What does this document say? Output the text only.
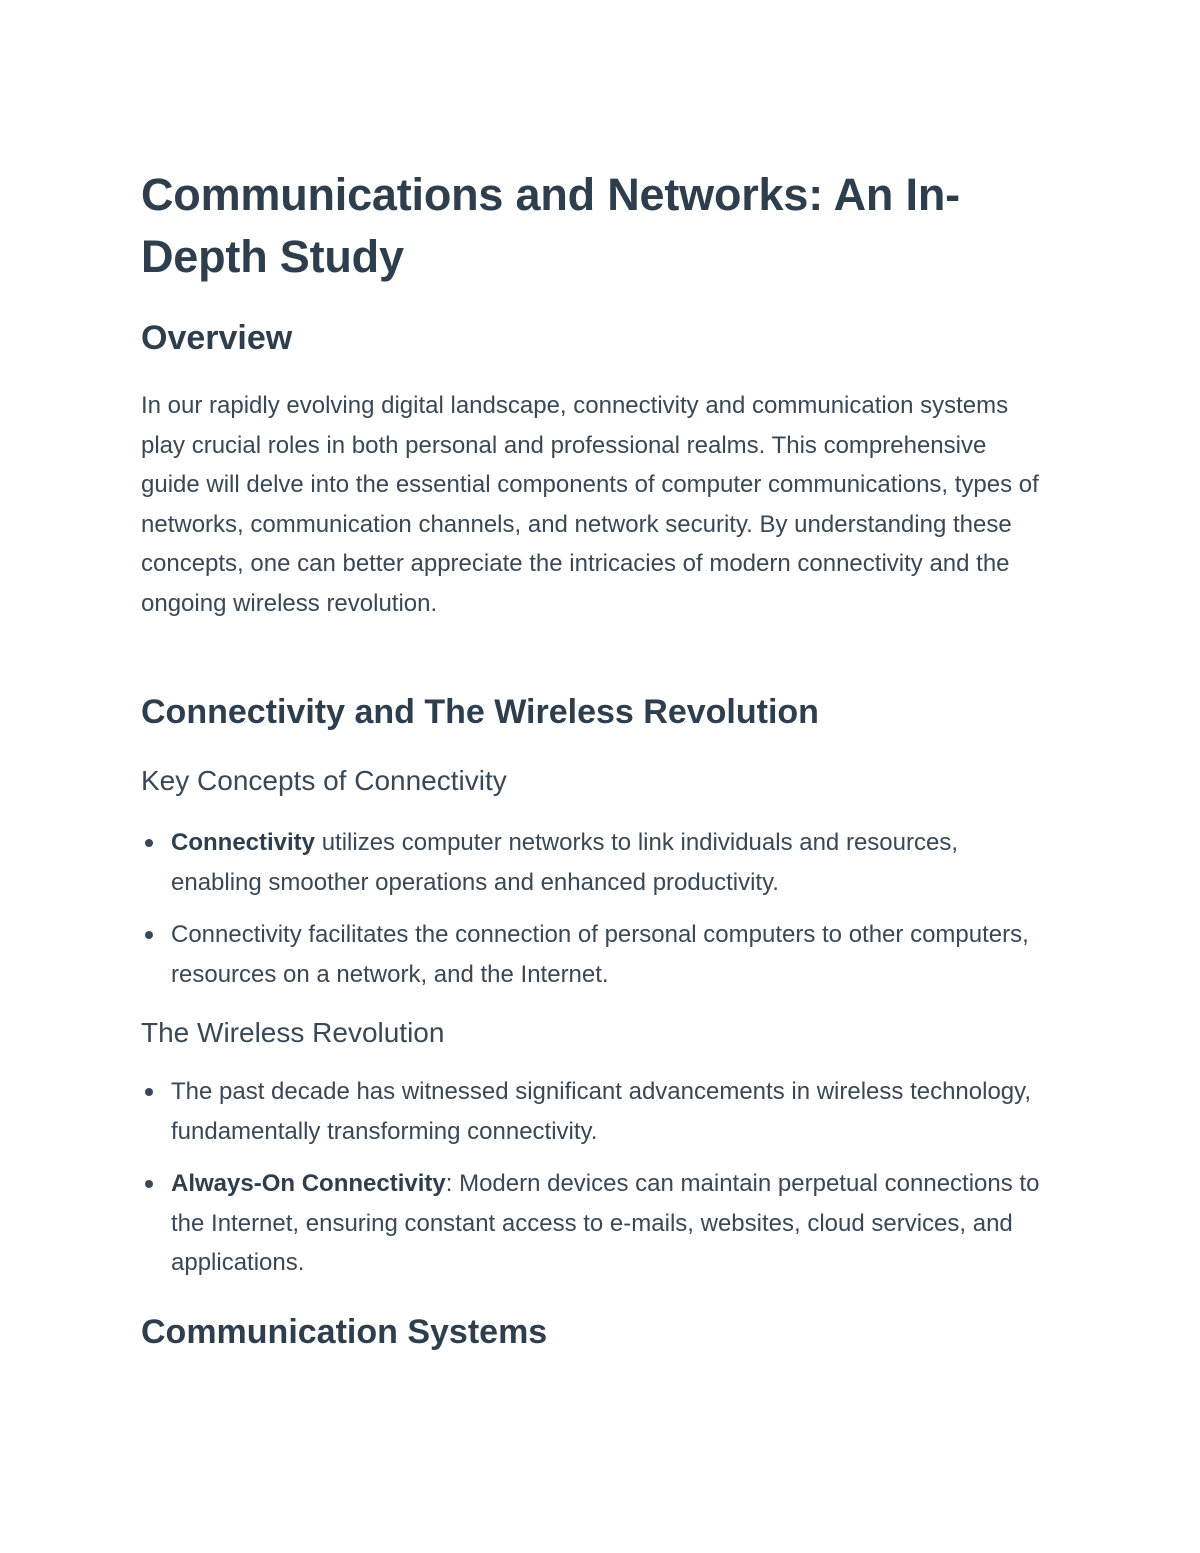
Communications and Networks: An In-Depth Study
Overview

In our rapidly evolving digital landscape, connectivity and communication systems play crucial roles in both personal and professional realms. This comprehensive guide will delve into the essential components of computer communications, types of networks, communication channels, and network security. By understanding these concepts, one can better appreciate the intricacies of modern connectivity and the ongoing wireless revolution.

Connectivity and The Wireless Revolution
Key Concepts of Connectivity
Connectivity utilizes computer networks to link individuals and resources, enabling smoother operations and enhanced productivity.
Connectivity facilitates the connection of personal computers to other computers, resources on a network, and the Internet.
The Wireless Revolution
The past decade has witnessed significant advancements in wireless technology, fundamentally transforming connectivity.
Always-On Connectivity: Modern devices can maintain perpetual connections to the Internet, ensuring constant access to e-mails, websites, cloud services, and applications.
Communication Systems
